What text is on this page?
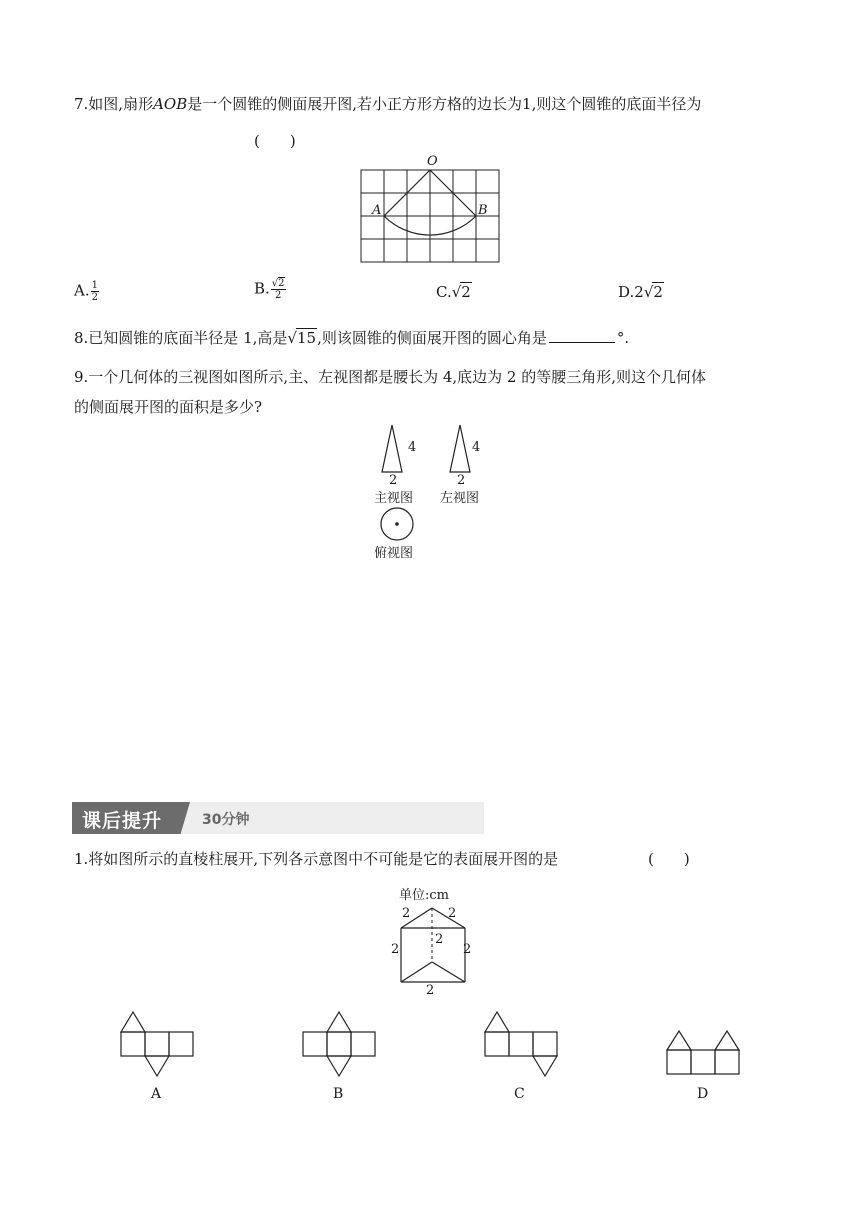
7.如图,扇形AOB是一个圆锥的侧面展开图,若小正方形方格的边长为1,则这个圆锥的底面半径为
(　　)
O
A	B
A. $\frac{1}{2}$	B. $\frac{√2}{2}$	C.√2	D.2√2
8.已知圆锥的底面半径是 1,高是√15,则该圆锥的侧面展开图的圆心角是	°.
9.一个几何体的三视图如图所示,主、左视图都是腰长为 4,底边为 2 的等腰三角形,则这个几何体
的侧面展开图的面积是多少?
4
2
主视图
4
2
左视图
俯视图
课后提升	30分钟
1.将如图所示的直棱柱展开,下列各示意图中不可能是它的表面展开图的是	(　　)
单位:cm
2	2
2
2
2
2
A	B	C	D
